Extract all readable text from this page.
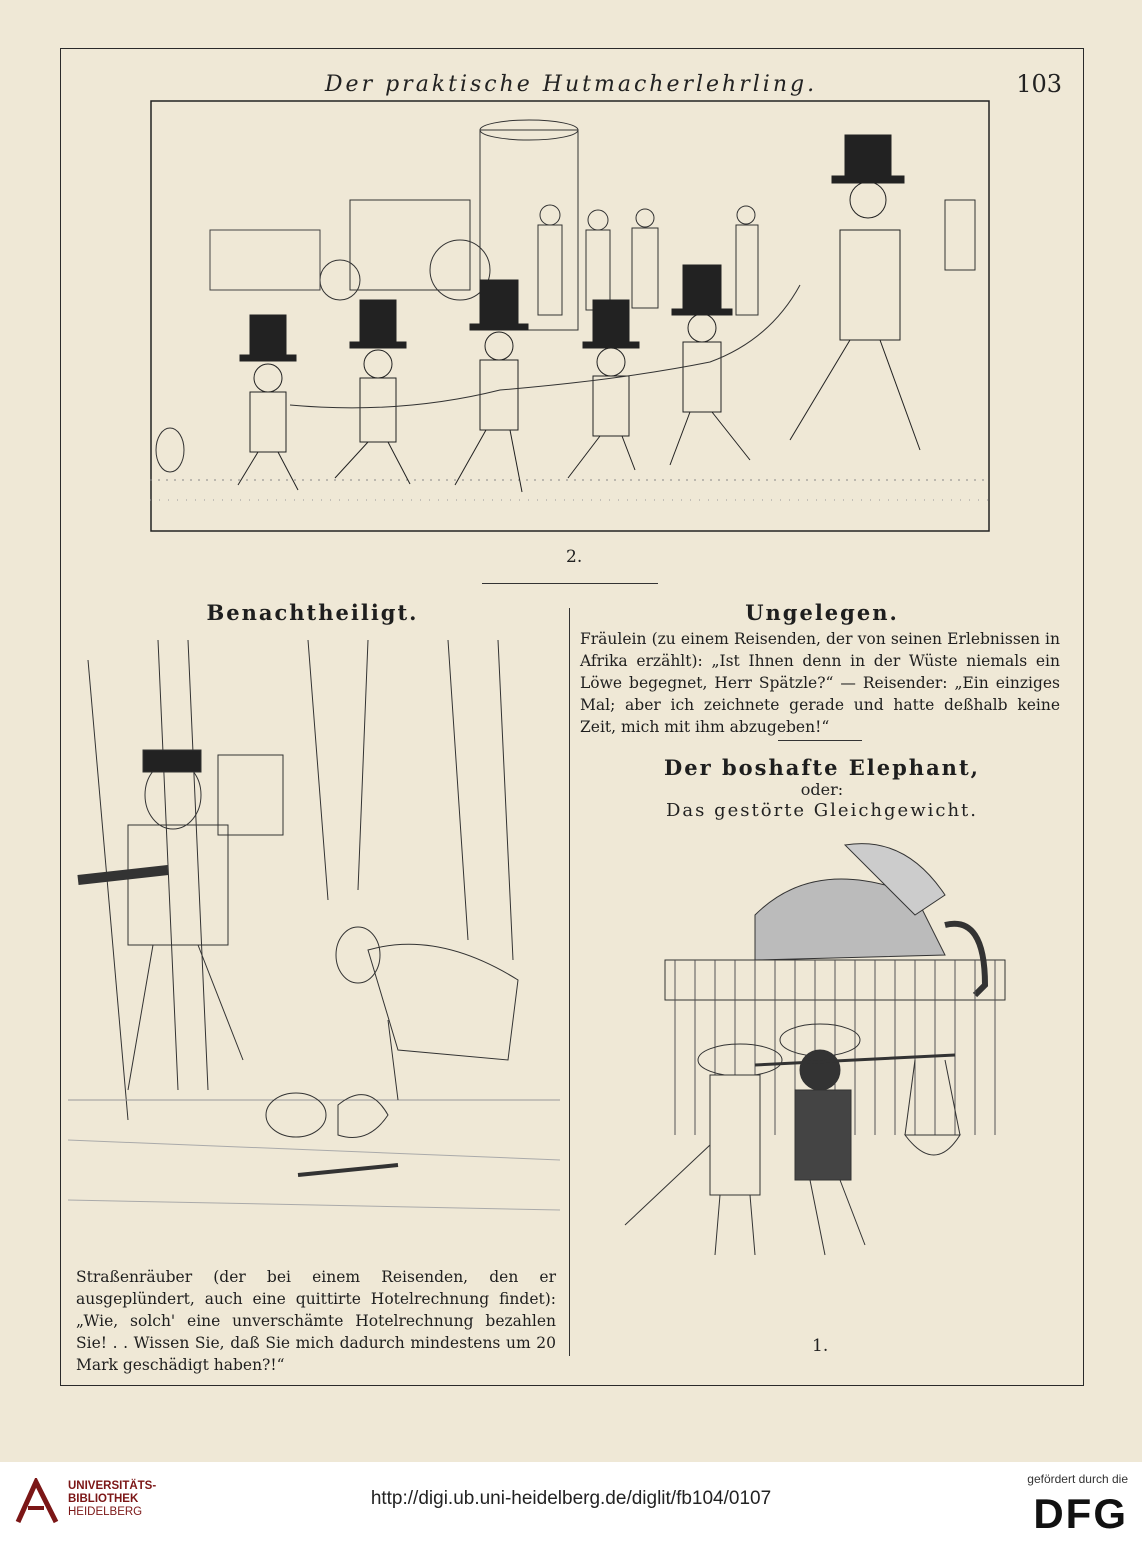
Der praktische Hutmacherlehrling.	103
2.
Benachtheiligt.
Straßenräuber (der bei einem Reisenden, den er ausgeplündert, auch eine quittirte Hotelrechnung findet): „Wie, solch' eine unverschämte Hotelrechnung bezahlen Sie! . . Wissen Sie, daß Sie mich dadurch mindestens um 20 Mark geschädigt haben?!“
Ungelegen.
Fräulein (zu einem Reisenden, der von seinen Erlebnissen in Afrika erzählt): „Ist Ihnen denn in der Wüste niemals ein Löwe begegnet, Herr Spätzle?“ — Reisender: „Ein einziges Mal; aber ich zeichnete gerade und hatte deßhalb keine Zeit, mich mit ihm abzugeben!“
Der boshafte Elephant,
oder:
Das gestörte Gleichgewicht.
1.
UNIVERSITÄTS-
BIBLIOTHEK
HEIDELBERG
http://digi.ub.uni-heidelberg.de/diglit/fb104/0107
gefördert durch die
DFG
